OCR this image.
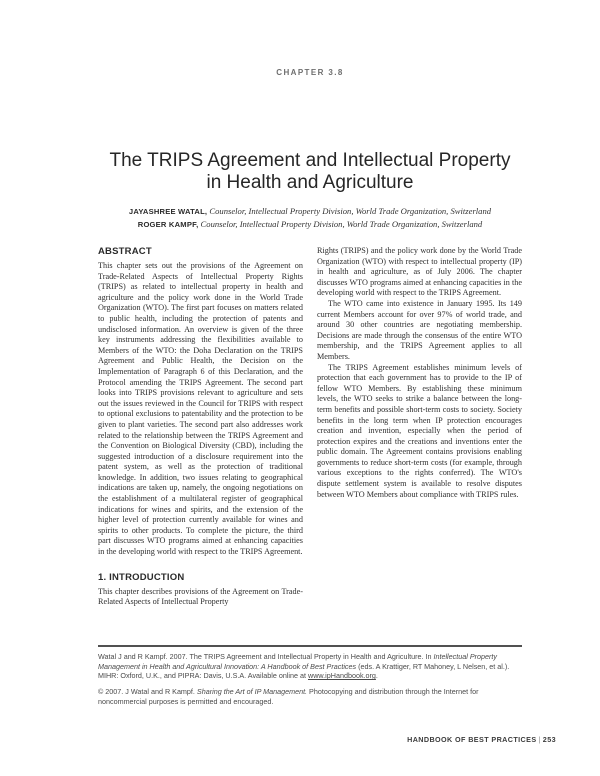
CHAPTER 3.8
The TRIPS Agreement and Intellectual Property
in Health and Agriculture
JAYASHREE WATAL, Counselor, Intellectual Property Division, World Trade Organization, Switzerland
ROGER KAMPF, Counselor, Intellectual Property Division, World Trade Organization, Switzerland
ABSTRACT

This chapter sets out the provisions of the Agreement on Trade-Related Aspects of Intellectual Property Rights (TRIPS) as related to intellectual property in health and agriculture and the policy work done in the World Trade Organization (WTO). The first part focuses on matters related to public health, including the protection of patents and undisclosed information. An overview is given of the three key instruments addressing the flexibilities available to Members of the WTO: the Doha Declaration on the TRIPS Agreement and Public Health, the Decision on the Implementation of Paragraph 6 of this Declaration, and the Protocol amending the TRIPS Agreement. The second part looks into TRIPS provisions relevant to agriculture and sets out the issues reviewed in the Council for TRIPS with respect to optional exclusions to patentability and the protection to be given to plant varieties. The second part also addresses work related to the relationship between the TRIPS Agreement and the Convention on Biological Diversity (CBD), including the suggested introduction of a disclosure requirement into the patent system, as well as the protection of traditional knowledge. In addition, two issues relating to geographical indications are taken up, namely, the ongoing negotiations on the establishment of a multilateral register of geographical indications for wines and spirits, and the extension of the higher level of protection currently available for wines and spirits to other products. To complete the picture, the third part discusses WTO programs aimed at enhancing capacities in the developing world with respect to the TRIPS Agreement.

1. INTRODUCTION

This chapter describes provisions of the Agreement on Trade-Related Aspects of Intellectual Property

Rights (TRIPS) and the policy work done by the World Trade Organization (WTO) with respect to intellectual property (IP) in health and agriculture, as of July 2006. The chapter discusses WTO programs aimed at enhancing capacities in the developing world with respect to the TRIPS Agreement.

The WTO came into existence in January 1995. Its 149 current Members account for over 97% of world trade, and around 30 other countries are negotiating membership. Decisions are made through the consensus of the entire WTO membership, and the TRIPS Agreement applies to all Members.

The TRIPS Agreement establishes minimum levels of protection that each government has to provide to the IP of fellow WTO Members. By establishing these minimum levels, the WTO seeks to strike a balance between the long-term benefits and possible short-term costs to society. Society benefits in the long term when IP protection encourages creation and invention, especially when the period of protection expires and the creations and inventions enter the public domain. The Agreement contains provisions enabling governments to reduce short-term costs (for example, through various exceptions to the rights conferred). The WTO's dispute settlement system is available to resolve disputes between WTO Members about compliance with TRIPS rules.

Watal J and R Kampf. 2007. The TRIPS Agreement and Intellectual Property in Health and Agriculture. In Intellectual Property Management in Health and Agricultural Innovation: A Handbook of Best Practices (eds. A Krattiger, RT Mahoney, L Nelsen, et al.). MIHR: Oxford, U.K., and PIPRA: Davis, U.S.A. Available online at www.ipHandbook.org.

© 2007. J Watal and R Kampf. Sharing the Art of IP Management. Photocopying and distribution through the Internet for noncommercial purposes is permitted and encouraged.

HANDBOOK OF BEST PRACTICES | 253
